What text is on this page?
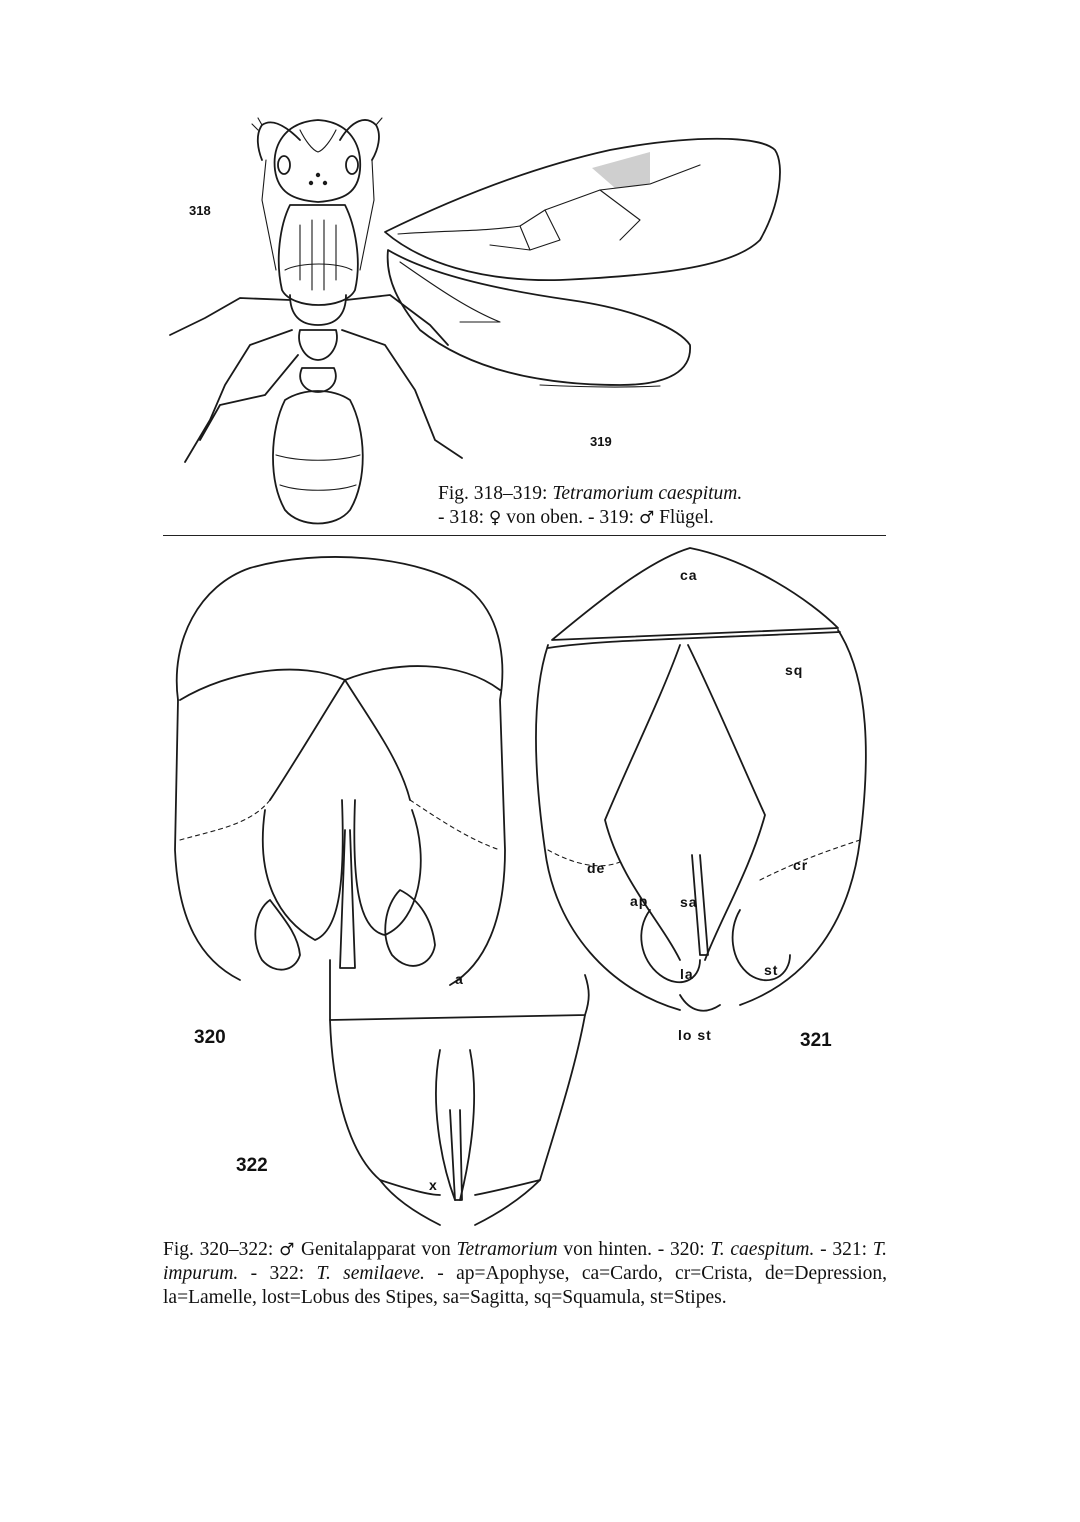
318
319
320	321
322
ca
sq
de	cr
ap sa
la	st
lo st
a
x
Fig. 318–319: Tetramorium caespitum.
- 318: ♀ von oben. - 319: ♂ Flügel.
Fig. 320–322: ♂ Genitalapparat von Tetramorium von hinten. - 320: T. caespitum. - 321: T. impurum. - 322: T. semilaeve. - ap=Apophyse, ca=Cardo, cr=Crista, de=Depression, la=Lamelle, lost=Lobus des Stipes, sa=Sagitta, sq=Squamula, st=Stipes.
